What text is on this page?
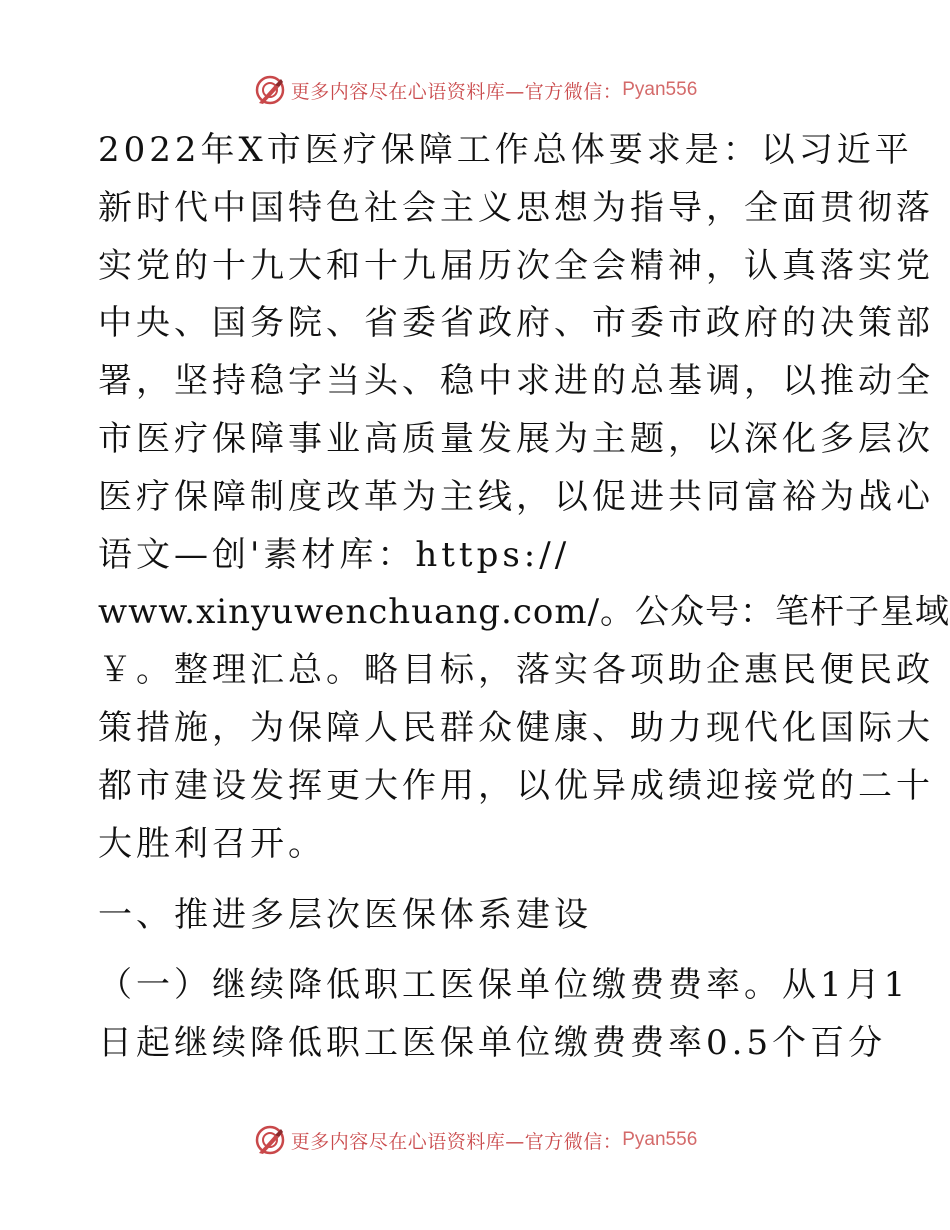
更多内容尽在心语资料库—官方微信： Pyan556
2022年X市医疗保障工作总体要求是：以习近平
新时代中国特色社会主义思想为指导，全面贯彻落
实党的十九大和十九届历次全会精神，认真落实党
中央、国务院、省委省政府、市委市政府的决策部
署，坚持稳字当头、稳中求进的总基调，以推动全
市医疗保障事业高质量发展为主题，以深化多层次
医疗保障制度改革为主线，以促进共同富裕为战心
语文—创'素材库：https://
www.xinyuwenchuang.com/。公众号：笔杆子星域
￥。整理汇总。略目标，落实各项助企惠民便民政
策措施，为保障人民群众健康、助力现代化国际大
都市建设发挥更大作用，以优异成绩迎接党的二十
大胜利召开。
一、推进多层次医保体系建设
（一）继续降低职工医保单位缴费费率。从1月1
日起继续降低职工医保单位缴费费率0.5个百分
更多内容尽在心语资料库—官方微信： Pyan556
